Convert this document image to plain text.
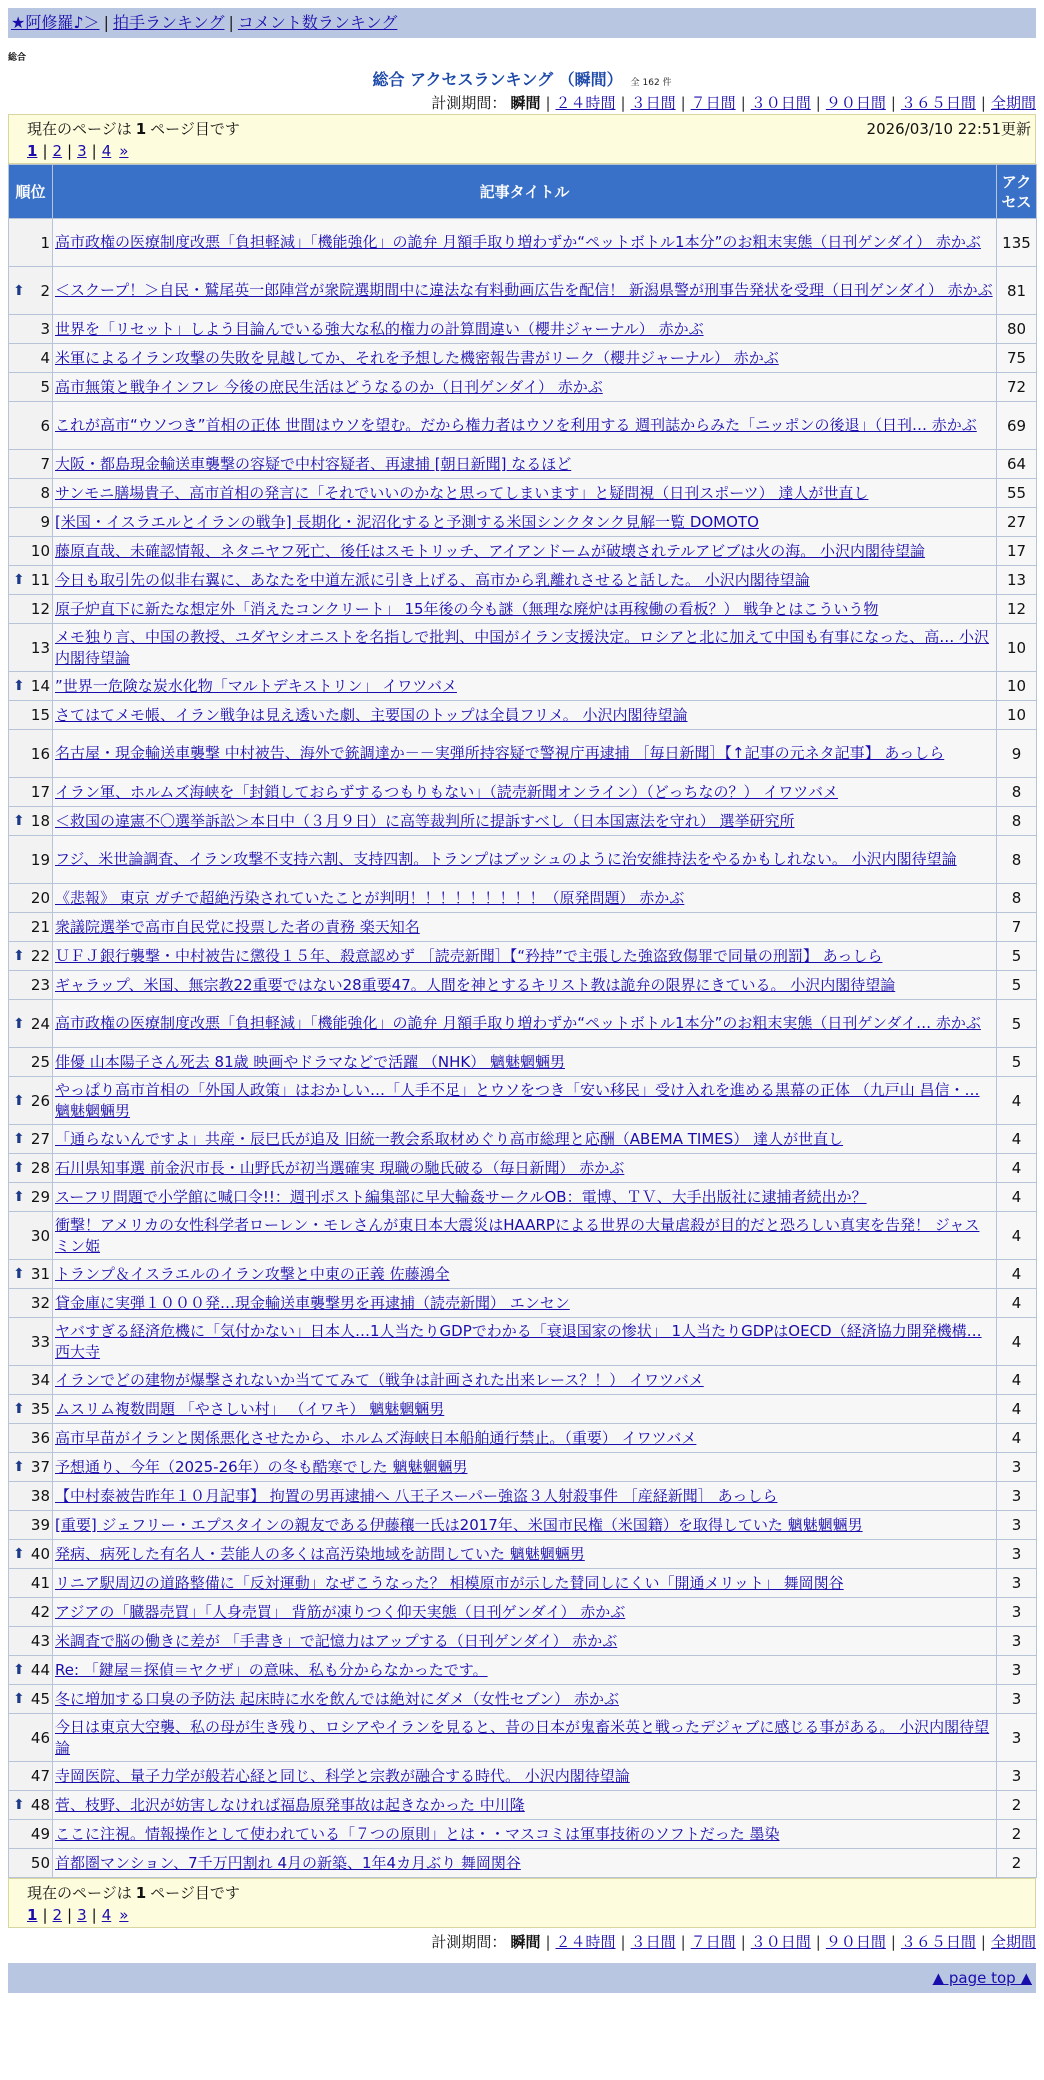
★阿修羅♪＞ | 拍手ランキング | コメント数ランキング
総合
総合 アクセスランキング （瞬間） 全 162 件
計測期間： 瞬間 | ２４時間 | ３日間 | ７日間 | ３０日間 | ９０日間 | ３６５日間 | 全期間
現在のページは 1 ページ目です	2026/03/10 22:51更新
1 | 2 | 3 | 4 »
順位	記事タイトル	アクセス
1	高市政権の医療制度改悪「負担軽減」「機能強化」の詭弁 月額手取り増わずか“ペットボトル1本分”のお粗末実態（日刊ゲンダイ） 赤かぶ	135

⬆ 2	＜スクープ！＞自民・鷲尾英一郎陣営が衆院選期間中に違法な有料動画広告を配信！ 新潟県警が刑事告発状を受理（日刊ゲンダイ） 赤かぶ	81
3	世界を「リセット」しよう目論んでいる強大な私的権力の計算間違い（櫻井ジャーナル） 赤かぶ	80
4	米軍によるイラン攻撃の失敗を見越してか、それを予想した機密報告書がリーク（櫻井ジャーナル） 赤かぶ	75
5	高市無策と戦争インフレ 今後の庶民生活はどうなるのか（日刊ゲンダイ） 赤かぶ	72
6	これが高市“ウソつき”首相の正体 世間はウソを望む。だから権力者はウソを利用する 週刊誌からみた「ニッポンの後退」（日刊… 赤かぶ	69
7	大阪・都島現金輸送車襲撃の容疑で中村容疑者、再逮捕 [朝日新聞] なるほど	64
8	サンモニ膳場貴子、高市首相の発言に「それでいいのかなと思ってしまいます」と疑問視（日刊スポーツ） 達人が世直し	55
9	[米国・イスラエルとイランの戦争] 長期化・泥沼化すると予測する米国シンクタンク見解一覧 DOMOTO	27
10	藤原直哉、未確認情報、ネタニヤフ死亡、後任はスモトリッチ、アイアンドームが破壊されテルアビブは火の海。 小沢内閣待望論	17

⬆ 11	今日も取引先の似非右翼に、あなたを中道左派に引き上げる、高市から乳離れさせると話した。 小沢内閣待望論	13
12	原子炉直下に新たな想定外「消えたコンクリート」 15年後の今も謎（無理な廃炉は再稼働の看板？） 戦争とはこういう物	12
13	メモ独り言、中国の教授、ユダヤシオニストを名指しで批判、中国がイラン支援決定。ロシアと北に加えて中国も有事になった、高… 小沢内閣待望論	10

⬆ 14	”世界一危険な炭水化物「マルトデキストリン」 イワツバメ	10
15	さてはてメモ帳、イラン戦争は見え透いた劇、主要国のトップは全員フリメ。 小沢内閣待望論	10
16	名古屋・現金輸送車襲撃 中村被告、海外で銃調達か－－実弾所持容疑で警視庁再逮捕 ［毎日新聞］【↑記事の元ネタ記事】 あっしら	9
17	イラン軍、ホルムズ海峡を「封鎖しておらずするつもりもない」（読売新聞オンライン）（どっちなの？） イワツバメ	8

⬆ 18	＜救国の違憲不〇選挙訴訟＞本日中（３月９日）に高等裁判所に提訴すべし（日本国憲法を守れ） 選挙研究所	8
19	フジ、米世論調査、イラン攻撃不支持六割、支持四割。トランプはブッシュのように治安維持法をやるかもしれない。 小沢内閣待望論	8
20	《悲報》 東京 ガチで超絶汚染されていたことが判明！！！！！！！！！（原発問題） 赤かぶ	8
21	衆議院選挙で高市自民党に投票した者の責務 楽天知名	7

⬆ 22	ＵＦＪ銀行襲撃・中村被告に懲役１５年、殺意認めず ［読売新聞］【“矜持”で主張した強盗致傷罪で同量の刑罰】 あっしら	5
23	ギャラップ、米国、無宗教22重要ではない28重要47。人間を神とするキリスト教は詭弁の限界にきている。 小沢内閣待望論	5

⬆ 24	高市政権の医療制度改悪「負担軽減」「機能強化」の詭弁 月額手取り増わずか“ペットボトル1本分”のお粗末実態（日刊ゲンダイ… 赤かぶ	5
25	俳優 山本陽子さん死去 81歳 映画やドラマなどで活躍 （NHK） 魑魅魍魎男	5

⬆ 26	やっぱり高市首相の「外国人政策」はおかしい…「人手不足」とウソをつき「安い移民」受け入れを進める黒幕の正体 （九戸山 昌信・… 魑魅魍魎男	4

⬆ 27	「通らないんですよ」共産・辰巳氏が追及 旧統一教会系取材めぐり高市総理と応酬（ABEMA TIMES） 達人が世直し	4

⬆ 28	石川県知事選 前金沢市長・山野氏が初当選確実 現職の馳氏破る（毎日新聞） 赤かぶ	4

⬆ 29	スーフリ問題で小学館に喊口令!!：週刊ポスト編集部に早大輪姦サークルOB：電博、ＴＶ、大手出版社に逮捕者続出か？	4
30	衝撃！アメリカの女性科学者ローレン・モレさんが東日本大震災はHAARPによる世界の大量虐殺が目的だと恐ろしい真実を告発！ ジャスミン姫	4

⬆ 31	トランプ＆イスラエルのイラン攻撃と中東の正義 佐藤鴻全	4
32	貸金庫に実弾１０００発…現金輸送車襲撃男を再逮捕（読売新聞） エンセン	4
33	ヤバすぎる経済危機に「気付かない」日本人…1人当たりGDPでわかる「衰退国家の惨状」 1人当たりGDPはOECD（経済協力開発機構… 西大寺	4
34	イランでどの建物が爆撃されないか当ててみて（戦争は計画された出来レース？！） イワツバメ	4

⬆ 35	ムスリム複数問題 「やさしい村」 （イワキ） 魑魅魍魎男	4
36	高市早苗がイランと関係悪化させたから、ホルムズ海峡日本船舶通行禁止。（重要） イワツバメ	4

⬆ 37	予想通り、今年（2025-26年）の冬も酷寒でした 魑魅魍魎男	3
38	【中村泰被告昨年１０月記事】 拘置の男再逮捕へ 八王子スーパー強盗３人射殺事件 ［産経新聞］ あっしら	3
39	[重要] ジェフリー・エプスタインの親友である伊藤穰一氏は2017年、米国市民権（米国籍）を取得していた 魑魅魍魎男	3

⬆ 40	発病、病死した有名人・芸能人の多くは高汚染地域を訪問していた 魑魅魍魎男	3
41	リニア駅周辺の道路整備に「反対運動」なぜこうなった？ 相模原市が示した賛同しにくい「開通メリット」 舞岡関谷	3
42	アジアの「臓器売買」「人身売買」 背筋が凍りつく仰天実態（日刊ゲンダイ） 赤かぶ	3
43	米調査で脳の働きに差が 「手書き」で記憶力はアップする（日刊ゲンダイ） 赤かぶ	3

⬆ 44	Re: 「鍵屋＝探偵＝ヤクザ」の意味、私も分からなかったです。	3

⬆ 45	冬に増加する口臭の予防法 起床時に水を飲んでは絶対にダメ（女性セブン） 赤かぶ	3
46	今日は東京大空襲、私の母が生き残り、ロシアやイランを見ると、昔の日本が鬼畜米英と戦ったデジャブに感じる事がある。 小沢内閣待望論	3
47	寺岡医院、量子力学が般若心経と同じ、科学と宗教が融合する時代。 小沢内閣待望論	3

⬆ 48	菅、枝野、北沢が妨害しなければ福島原発事故は起きなかった 中川隆	2
49	ここに注視。情報操作として使われている「７つの原則」とは・・マスコミは軍事技術のソフトだった 墨染	2
50	首都圏マンション、7千万円割れ 4月の新築、1年4カ月ぶり 舞岡関谷	2
現在のページは 1 ページ目です
1 | 2 | 3 | 4 »
計測期間： 瞬間 | ２４時間 | ３日間 | ７日間 | ３０日間 | ９０日間 | ３６５日間 | 全期間
▲ page top ▲
